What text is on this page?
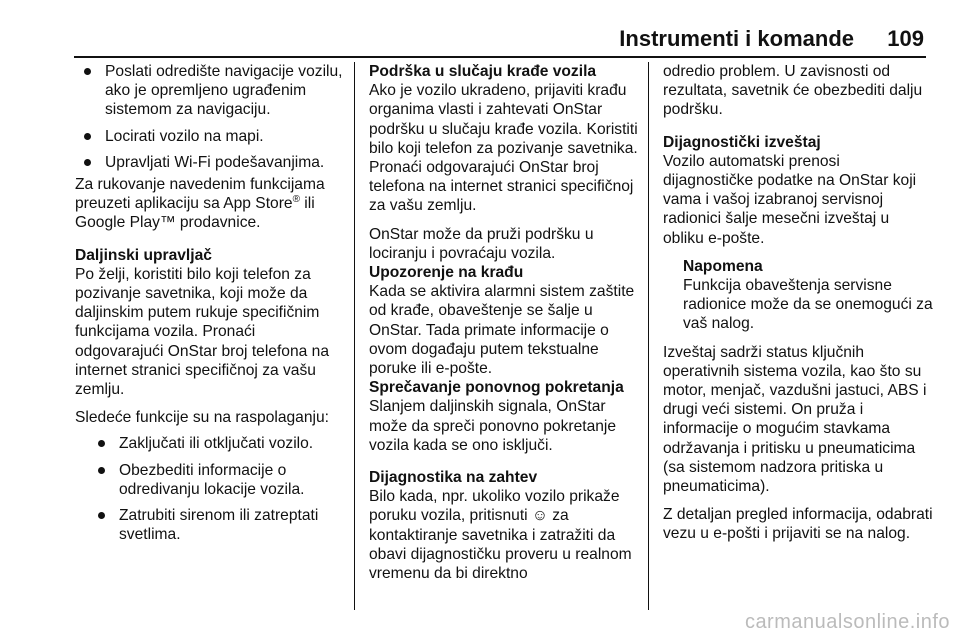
Instrumenti i komande 109
Poslati odredište navigacije vozilu, ako je opremljeno ugrađenim sistemom za navigaciju.
Locirati vozilo na mapi.
Upravljati Wi-Fi podešavanjima.

Za rukovanje navedenim funkcijama preuzeti aplikaciju sa App Store® ili Google Play™ prodavnice.

Daljinski upravljač

Po želji, koristiti bilo koji telefon za pozivanje savetnika, koji može da daljinskim putem rukuje specifičnim funkcijama vozila. Pronaći odgovarajući OnStar broj telefona na internet stranici specifičnoj za vašu zemlju.

Sledeće funkcije su na raspolaganju:

Zaključati ili otključati vozilo.
Obezbediti informacije o odredivanju lokacije vozila.
Zatrubiti sirenom ili zatreptati svetlima.

Podrška u slučaju krađe vozila

Ako je vozilo ukradeno, prijaviti krađu organima vlasti i zahtevati OnStar podršku u slučaju krađe vozila. Koristiti bilo koji telefon za pozivanje savetnika. Pronaći odgovarajući OnStar broj telefona na internet stranici specifičnoj za vašu zemlju.

OnStar može da pruži podršku u lociranju i povraćaju vozila.

Upozorenje na krađu

Kada se aktivira alarmni sistem zaštite od krađe, obaveštenje se šalje u OnStar. Tada primate informacije o ovom događaju putem tekstualne poruke ili e-pošte.

Sprečavanje ponovnog pokretanja

Slanjem daljinskih signala, OnStar može da spreči ponovno pokretanje vozila kada se ono isključi.

Dijagnostika na zahtev

Bilo kada, npr. ukoliko vozilo prikaže poruku vozila, pritisnuti ☺ za kontaktiranje savetnika i zatražiti da obavi dijagnostičku proveru u realnom vremenu da bi direktno

odredio problem. U zavisnosti od rezultata, savetnik će obezbediti dalju podršku.

Dijagnostički izveštaj

Vozilo automatski prenosi dijagnostičke podatke na OnStar koji vama i vašoj izabranoj servisnoj radionici šalje mesečni izveštaj u obliku e-pošte.

Napomena

Funkcija obaveštenja servisne radionice može da se onemogući za vaš nalog.

Izveštaj sadrži status ključnih operativnih sistema vozila, kao što su motor, menjač, vazdušni jastuci, ABS i drugi veći sistemi. On pruža i informacije o mogućim stavkama održavanja i pritisku u pneumaticima (sa sistemom nadzora pritiska u pneumaticima).

Z detaljan pregled informacija, odabrati vezu u e-pošti i prijaviti se na nalog.

carmanualsonline.info
